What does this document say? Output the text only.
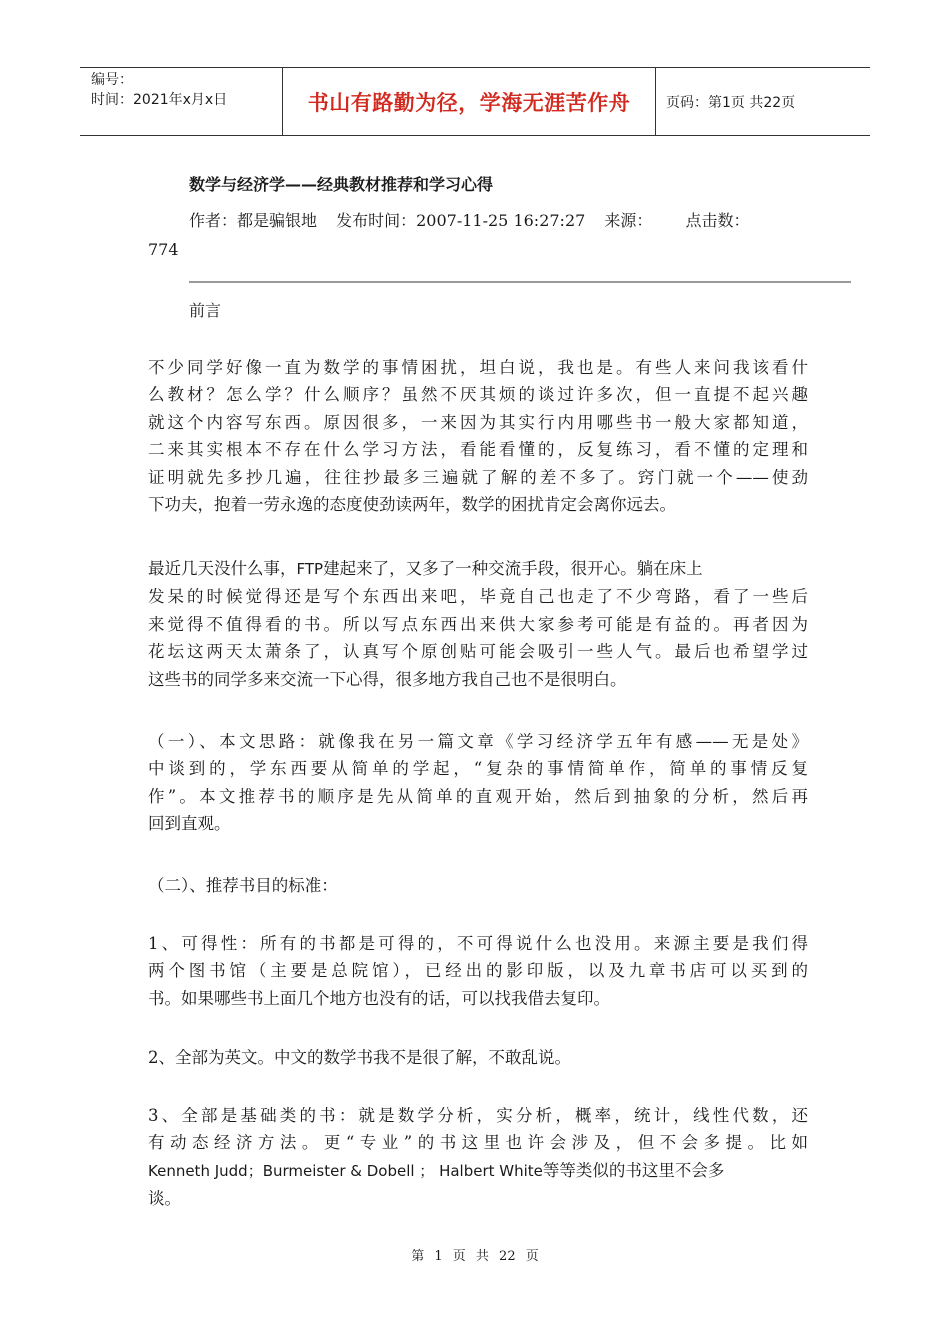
编号：
时间：2021年x月x日	书山有路勤为径，学海无涯苦作舟	页码：第1页 共22页
数学与经济学——经典教材推荐和学习心得
作者：都是骗银地 发布时间：2007-11-25 16:27:27 来源： 点击数：
774
前言
不少同学好像一直为数学的事情困扰，坦白说，我也是。有些人来问我该看什
么教材？怎么学？什么顺序？虽然不厌其烦的谈过许多次，但一直提不起兴趣
就这个内容写东西。原因很多，一来因为其实行内用哪些书一般大家都知道，
二来其实根本不存在什么学习方法，看能看懂的，反复练习，看不懂的定理和
证明就先多抄几遍，往往抄最多三遍就了解的差不多了。窍门就一个——使劲
下功夫，抱着一劳永逸的态度使劲读两年，数学的困扰肯定会离你远去。
最近几天没什么事，FTP建起来了，又多了一种交流手段，很开心。躺在床上
发呆的时候觉得还是写个东西出来吧，毕竟自己也走了不少弯路，看了一些后
来觉得不值得看的书。所以写点东西出来供大家参考可能是有益的。再者因为
花坛这两天太萧条了，认真写个原创贴可能会吸引一些人气。最后也希望学过
这些书的同学多来交流一下心得，很多地方我自己也不是很明白。
（一）、本文思路：就像我在另一篇文章《学习经济学五年有感——无是处》
中谈到的，学东西要从简单的学起，“复杂的事情简单作，简单的事情反复
作”。本文推荐书的顺序是先从简单的直观开始，然后到抽象的分析，然后再
回到直观。
（二）、推荐书目的标准：
1、可得性：所有的书都是可得的，不可得说什么也没用。来源主要是我们得
两个图书馆（主要是总院馆），已经出的影印版，以及九章书店可以买到的
书。如果哪些书上面几个地方也没有的话，可以找我借去复印。
2、全部为英文。中文的数学书我不是很了解，不敢乱说。
3、全部是基础类的书：就是数学分析，实分析，概率，统计，线性代数，还
有动态经济方法。更“专业”的书这里也许会涉及，但不会多提。比如
Kenneth Judd；Burmeister & Dobell ； Halbert White等等类似的书这里不会多
谈。
第 1 页 共 22 页
